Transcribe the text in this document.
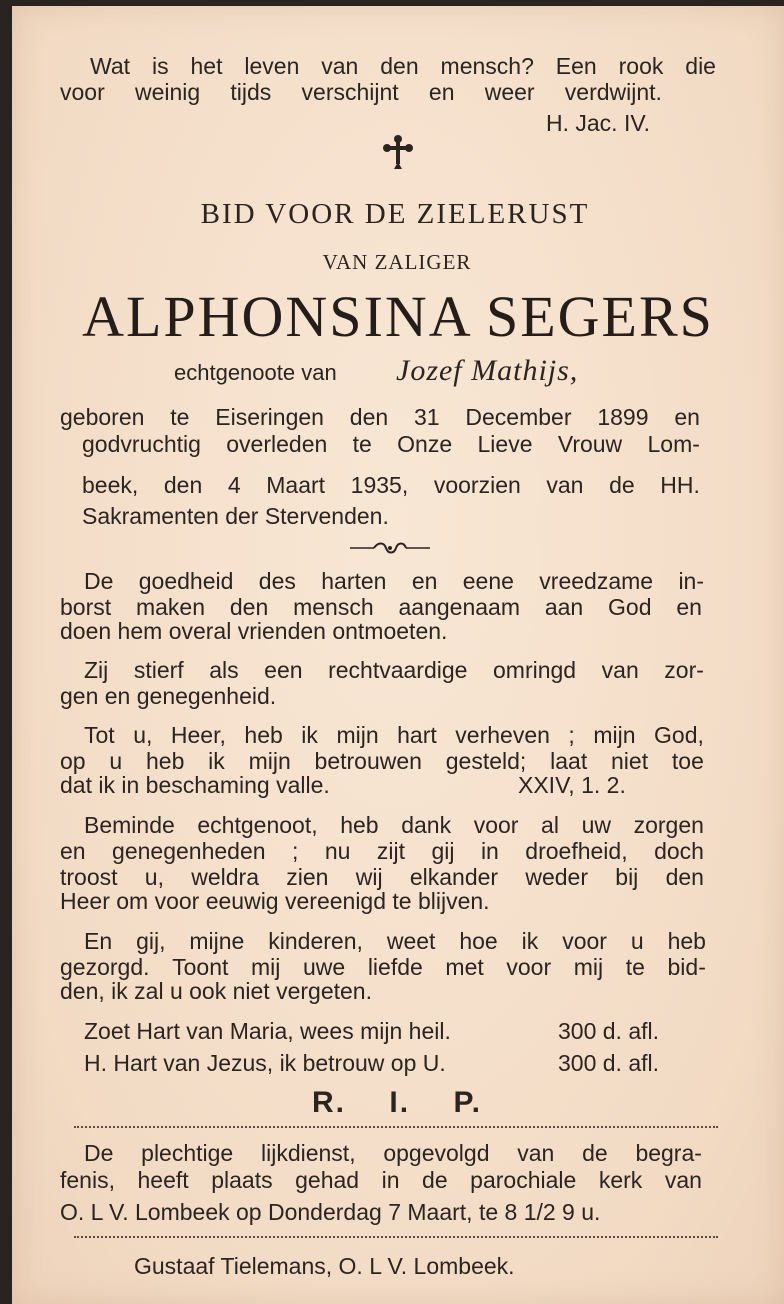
Wat is het leven van den mensch? Een rook die
voor weinig tijds verschijnt en weer verdwijnt.
H. Jac. IV.
BID VOOR DE ZIELERUST
VAN ZALIGER
ALPHONSINA SEGERS
echtgenoote van Jozef Mathijs,
geboren te Eiseringen den 31 December 1899 en
godvruchtig overleden te Onze Lieve Vrouw Lom-
beek, den 4 Maart 1935, voorzien van de HH.
Sakramenten der Stervenden.
De goedheid des harten en eene vreedzame in-
borst maken den mensch aangenaam aan God en
doen hem overal vrienden ontmoeten.
Zij stierf als een rechtvaardige omringd van zor-
gen en genegenheid.
Tot u, Heer, heb ik mijn hart verheven ; mijn God,
op u heb ik mijn betrouwen gesteld; laat niet toe
dat ik in beschaming valle.	XXIV, 1. 2.
Beminde echtgenoot, heb dank voor al uw zorgen
en genegenheden ; nu zijt gij in droefheid, doch
troost u, weldra zien wij elkander weder bij den
Heer om voor eeuwig vereenigd te blijven.
En gij, mijne kinderen, weet hoe ik voor u heb
gezorgd. Toont mij uwe liefde met voor mij te bid-
den, ik zal u ook niet vergeten.
Zoet Hart van Maria, wees mijn heil.	300 d. afl.
H. Hart van Jezus, ik betrouw op U.	300 d. afl.
R. I. P.
De plechtige lijkdienst, opgevolgd van de begra-
fenis, heeft plaats gehad in de parochiale kerk van
O. L V. Lombeek op Donderdag 7 Maart, te 8 1/2 9 u.
Gustaaf Tielemans, O. L V. Lombeek.
